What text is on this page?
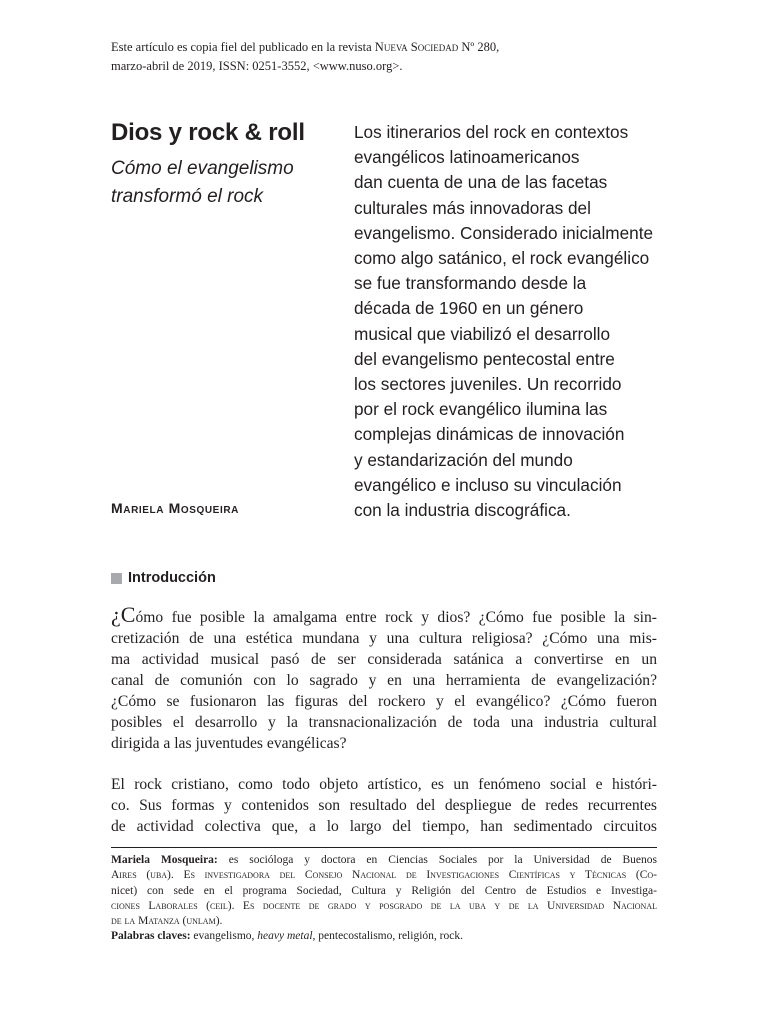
Este artículo es copia fiel del publicado en la revista Nueva Sociedad Nº 280,
marzo-abril de 2019, ISSN: 0251-3552, <www.nuso.org>.
Dios y rock & roll
Cómo el evangelismo transformó el rock
Mariela Mosqueira
Los itinerarios del rock en contextos
evangélicos latinoamericanos
dan cuenta de una de las facetas
culturales más innovadoras del
evangelismo. Considerado inicialmente
como algo satánico, el rock evangélico
se fue transformando desde la
década de 1960 en un género
musical que viabilizó el desarrollo
del evangelismo pentecostal entre
los sectores juveniles. Un recorrido
por el rock evangélico ilumina las
complejas dinámicas de innovación
y estandarización del mundo
evangélico e incluso su vinculación
con la industria discográfica.
Introducción
¿Cómo fue posible la amalgama entre rock y dios? ¿Cómo fue posible la sin-
cretización de una estética mundana y una cultura religiosa? ¿Cómo una mis-
ma actividad musical pasó de ser considerada satánica a convertirse en un
canal de comunión con lo sagrado y en una herramienta de evangelización?
¿Cómo se fusionaron las figuras del rockero y el evangélico? ¿Cómo fueron
posibles el desarrollo y la transnacionalización de toda una industria cultural
dirigida a las juventudes evangélicas?
El rock cristiano, como todo objeto artístico, es un fenómeno social e históri-
co. Sus formas y contenidos son resultado del despliegue de redes recurrentes
de actividad colectiva que, a lo largo del tiempo, han sedimentado circuitos
Mariela Mosqueira: es socióloga y doctora en Ciencias Sociales por la Universidad de Buenos
Aires (uba). Es investigadora del Consejo Nacional de Investigaciones Científicas y Técnicas (Co-
nicet) con sede en el programa Sociedad, Cultura y Religión del Centro de Estudios e Investiga-
ciones Laborales (ceil). Es docente de grado y posgrado de la uba y de la Universidad Nacional
de la Matanza (unlam).
Palabras claves: evangelismo, heavy metal, pentecostalismo, religión, rock.
